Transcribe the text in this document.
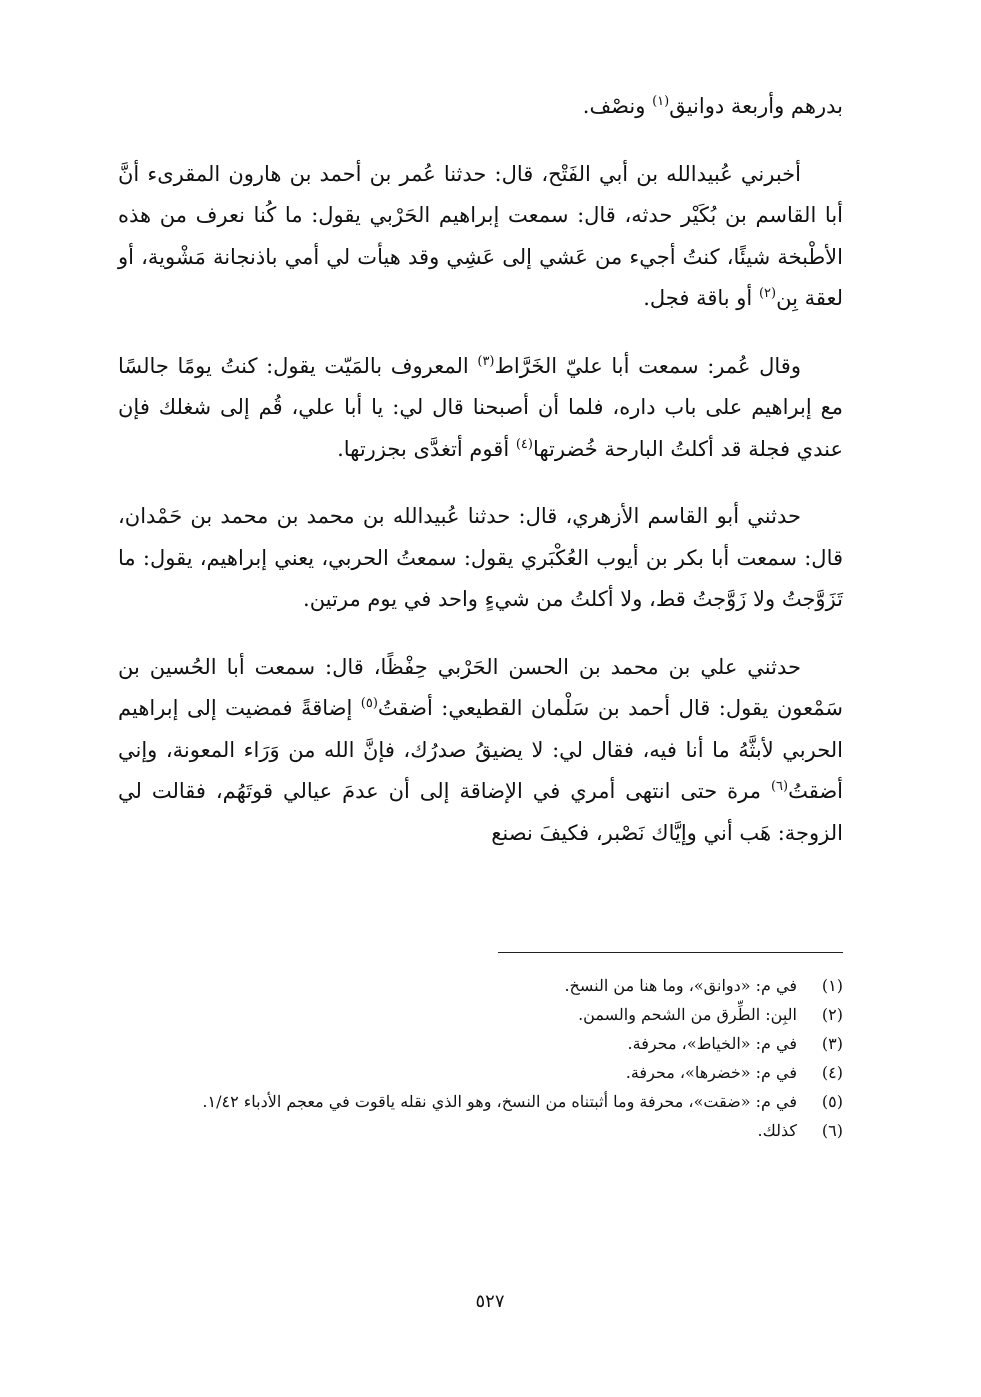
بدرهم وأربعة دوانيق$^{(١)}$ ونصْف.

أخبرني عُبيدالله بن أبي الفَتْح، قال: حدثنا عُمر بن أحمد بن هارون المقرىء أنَّ أبا القاسم بن بُكَيْر حدثه، قال: سمعت إبراهيم الحَرْبي يقول: ما كُنا نعرف من هذه الأطْبخة شيئًا، كنتُ أجيء من عَشي إلى عَشِي وقد هيأت لي أمي باذنجانة مَشْوية، أو لعقة بِن$^{(٢)}$ أو باقة فجل.

وقال عُمر: سمعت أبا عليّ الخَرَّاط$^{(٣)}$ المعروف بالمَيّت يقول: كنتُ يومًا جالسًا مع إبراهيم على باب داره، فلما أن أصبحنا قال لي: يا أبا علي، قُم إلى شغلك فإن عندي فجلة قد أكلتُ البارحة خُضرتها$^{(٤)}$ أقوم أتغدَّى بجزرتها.

حدثني أبو القاسم الأزهري، قال: حدثنا عُبيدالله بن محمد بن محمد بن حَمْدان، قال: سمعت أبا بكر بن أيوب العُكْبَري يقول: سمعتُ الحربي، يعني إبراهيم، يقول: ما تَزَوَّجتُ ولا زَوَّجتُ قط، ولا أكلتُ من شيءٍ واحد في يوم مرتين.

حدثني علي بن محمد بن الحسن الحَرْبي حِفْظًا، قال: سمعت أبا الحُسين بن سَمْعون يقول: قال أحمد بن سَلْمان القطيعي: أضقتُ$^{(٥)}$ إضاقةً فمضيت إلى إبراهيم الحربي لأبثَّهُ ما أنا فيه، فقال لي: لا يضيقُ صدرُك، فإنَّ الله من وَرَاء المعونة، وإني أضقتُ$^{(٦)}$ مرة حتى انتهى أمري في الإضاقة إلى أن عدمَ عيالي قوتَهُم، فقالت لي الزوجة: هَب أني وإيَّاك نَصْبر، فكيفَ نصنع

(١)
في م: «دوانق»، وما هنا من النسخ.
(٢)
البِن: الطِّرق من الشحم والسمن.
(٣)
في م: «الخياط»، محرفة.
(٤)
في م: «خضرها»، محرفة.
(٥)
في م: «ضقت»، محرفة وما أثبتناه من النسخ، وهو الذي نقله ياقوت في معجم الأدباء ١/٤٢.
(٦)
كذلك.
٥٢٧
